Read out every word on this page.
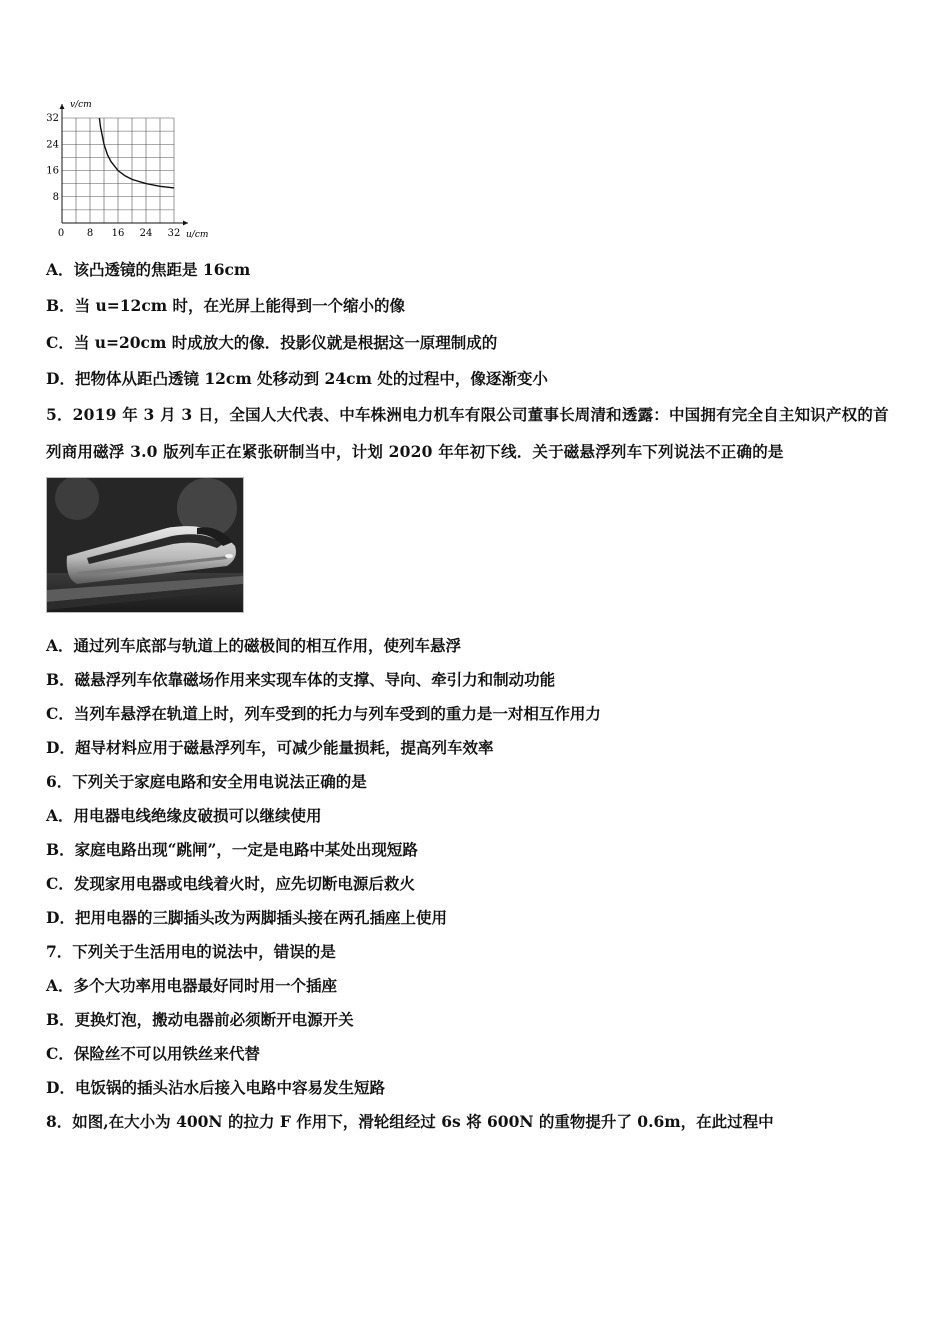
32
24
16
8
0 8 16 24 32
v/cm
u/cm
A．该凸透镜的焦距是 16cm
B．当 u=12cm 时，在光屏上能得到一个缩小的像
C．当 u=20cm 时成放大的像．投影仪就是根据这一原理制成的
D．把物体从距凸透镜 12cm 处移动到 24cm 处的过程中，像逐渐变小
5．2019 年 3 月 3 日，全国人大代表、中车株洲电力机车有限公司董事长周清和透露：中国拥有完全自主知识产权的首
列商用磁浮 3.0 版列车正在紧张研制当中，计划 2020 年年初下线．关于磁悬浮列车下列说法不正确的是
A．通过列车底部与轨道上的磁极间的相互作用，使列车悬浮
B．磁悬浮列车依靠磁场作用来实现车体的支撑、导向、牵引力和制动功能
C．当列车悬浮在轨道上时，列车受到的托力与列车受到的重力是一对相互作用力
D．超导材料应用于磁悬浮列车，可减少能量损耗，提高列车效率
6．下列关于家庭电路和安全用电说法正确的是
A．用电器电线绝缘皮破损可以继续使用
B．家庭电路出现“跳闸”，一定是电路中某处出现短路
C．发现家用电器或电线着火时，应先切断电源后救火
D．把用电器的三脚插头改为两脚插头接在两孔插座上使用
7．下列关于生活用电的说法中，错误的是
A．多个大功率用电器最好同时用一个插座
B．更换灯泡，搬动电器前必须断开电源开关
C．保险丝不可以用铁丝来代替
D．电饭锅的插头沾水后接入电路中容易发生短路
8．如图,在大小为 400N 的拉力 F 作用下，滑轮组经过 6s 将 600N 的重物提升了 0.6m，在此过程中
